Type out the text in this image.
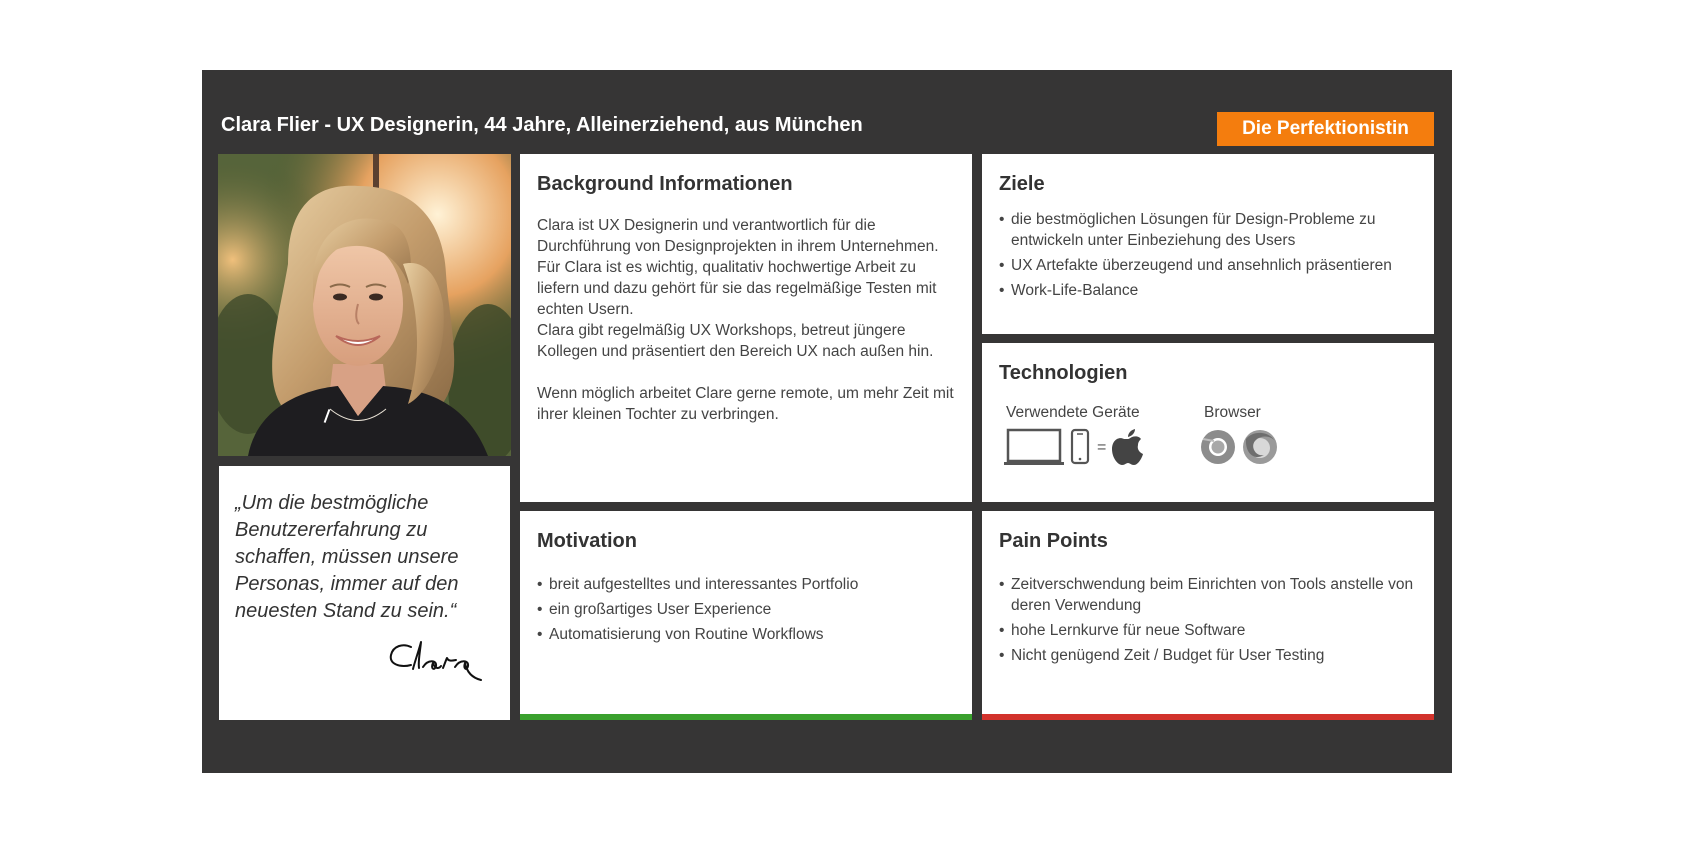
Clara Flier - UX Designerin, 44 Jahre, Alleinerziehend, aus München	Die Perfektionistin
„Um die bestmögliche Benutzererfahrung zu schaffen, müssen unsere Personas, immer auf den neuesten Stand zu sein.“
Background Informationen

Clara ist UX Designerin und verantwortlich für die Durchführung von Designprojekten in ihrem Unternehmen. Für Clara ist es wichtig, qualitativ hochwertige Arbeit zu liefern und dazu gehört für sie das regelmäßige Testen mit echten Usern.

Clara gibt regelmäßig UX Workshops, betreut jüngere Kollegen und präsentiert den Bereich UX nach außen hin.

Wenn möglich arbeitet Clare gerne remote, um mehr Zeit mit ihrer kleinen Tochter zu verbringen.

Ziele
• die bestmöglichen Lösungen für Design-Probleme zu entwickeln unter Einbeziehung des Users
• UX Artefakte überzeugend und ansehnlich präsentieren
• Work-Life-Balance
Technologien
Verwendete Geräte	Browser
=
Motivation
• breit aufgestelltes und interessantes Portfolio
• ein großartiges User Experience
• Automatisierung von Routine Workflows
Pain Points
• Zeitverschwendung beim Einrichten von Tools anstelle von deren Verwendung
• hohe Lernkurve für neue Software
• Nicht genügend Zeit / Budget für User Testing
